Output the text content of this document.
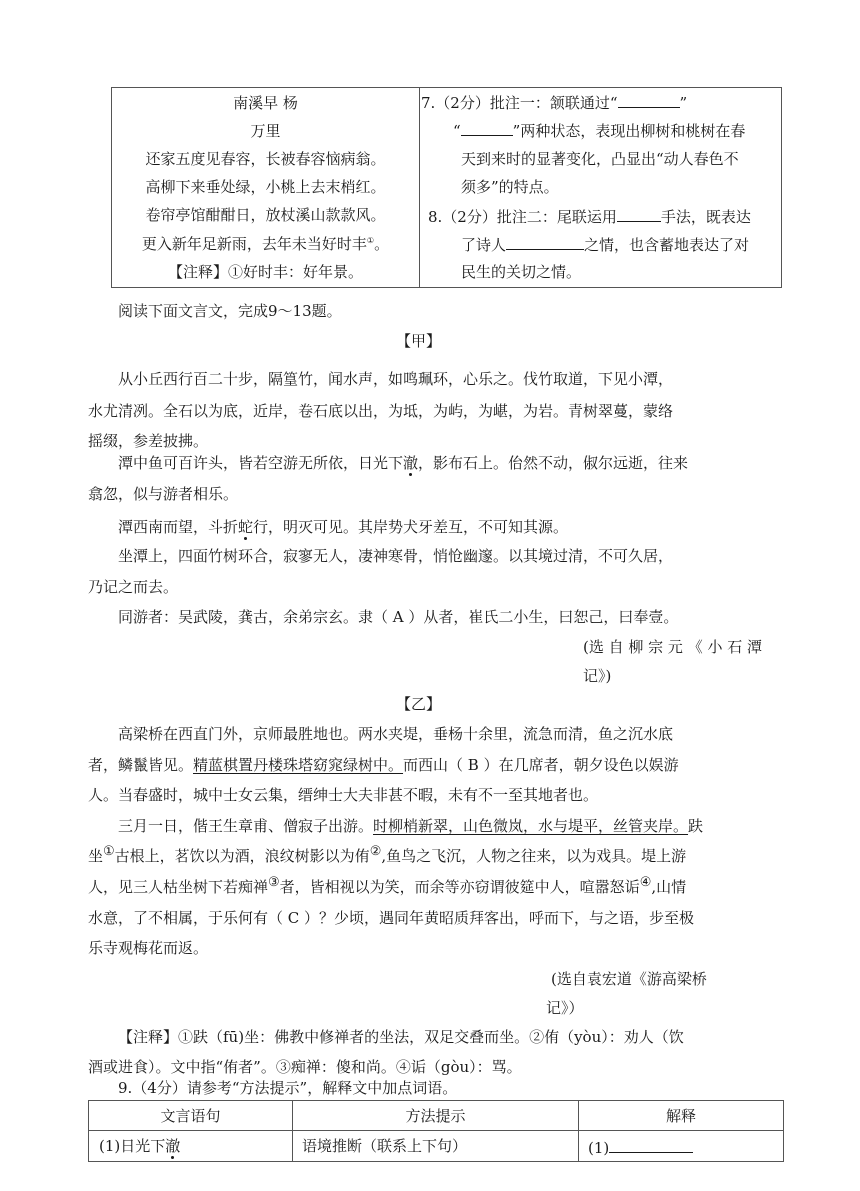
南溪早 杨
万里
还家五度见春容，长被春容恼病翁。
高柳下来垂处绿，小桃上去末梢红。
卷帘亭馆酣酣日，放杖溪山款款风。
更入新年足新雨，去年未当好时丰①。
【注释】①好时丰：好年景。
7.（2分）批注一：颔联通过“	”
“	”两种状态，表现出柳树和桃树在春
天到来时的显著变化，凸显出“动人春色不
须多”的特点。
8.（2分）批注二：尾联运用	手法，既表达
了诗人	之情，也含蓄地表达了对
民生的关切之情。
阅读下面文言文，完成9～13题。
【甲】
从小丘西行百二十步，隔篁竹，闻水声，如鸣珮环，心乐之。伐竹取道，下见小潭，
水尤清冽。全石以为底，近岸，卷石底以出，为坻，为屿，为嵁，为岩。青树翠蔓，蒙络
摇缀，参差披拂。
潭中鱼可百许头，皆若空游无所依，日光下澈，影布石上。佁然不动，俶尔远逝，往来
翕忽，似与游者相乐。
潭西南而望，斗折蛇行，明灭可见。其岸势犬牙差互，不可知其源。
坐潭上，四面竹树环合，寂寥无人，凄神寒骨，悄怆幽邃。以其境过清，不可久居，
乃记之而去。
同游者：吴武陵，龚古，余弟宗玄。隶（ A ）从者，崔氏二小生，曰恕己，曰奉壹。
(选 自 柳 宗 元 《 小 石 潭
记》)
【乙】
高梁桥在西直门外，京师最胜地也。两水夹堤，垂杨十余里，流急而清，鱼之沉水底
者，鳞鬣皆见。精蓝棋置丹楼珠塔窈窕绿树中。而西山（ B ）在几席者，朝夕设色以娱游
人。当春盛时，城中士女云集，缙绅士大夫非甚不暇，未有不一至其地者也。
三月一日，偕王生章甫、僧寂子出游。时柳梢新翠，山色微岚，水与堤平，丝管夹岸。趺
坐①古根上，茗饮以为酒，浪纹树影以为侑②,鱼鸟之飞沉，人物之往来，以为戏具。堤上游
人，见三人枯坐树下若痴禅③者，皆相视以为笑，而余等亦窃谓彼筵中人，喧嚣怒诟④,山情
水意，了不相属，于乐何有（ C ）？少顷，遇同年黄昭质拜客出，呼而下，与之语，步至极
乐寺观梅花而返。
(选自袁宏道《游高梁桥
记》）
【注释】①趺（fū)坐：佛教中修禅者的坐法，双足交叠而坐。②侑（yòu）：劝人（饮
酒或进食）。文中指“侑者”。③痴禅：傻和尚。④诟（gòu）：骂。
9.（4分）请参考“方法提示”，解释文中加点词语。
文言语句	方法提示	解释
(1)日光下澈	语境推断（联系上下句）	(1)
